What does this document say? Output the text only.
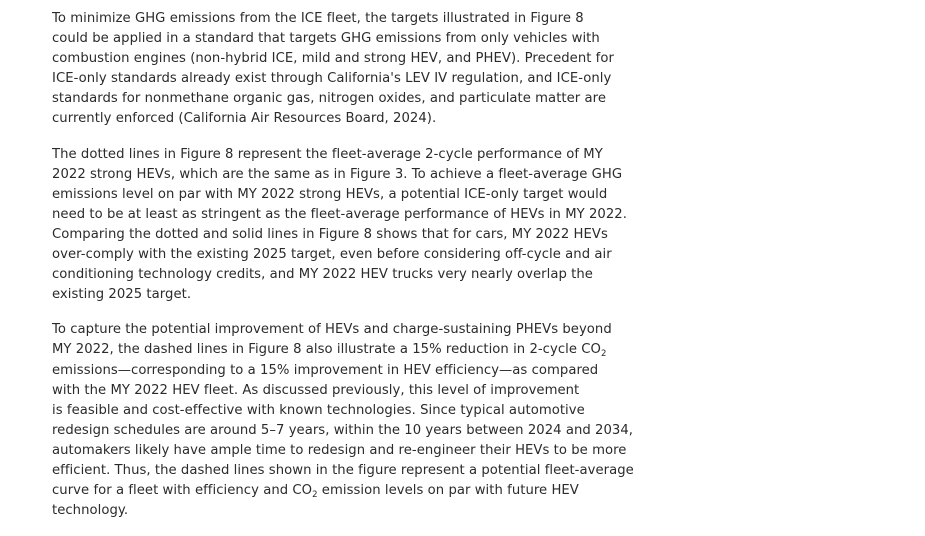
To minimize GHG emissions from the ICE fleet, the targets illustrated in Figure 8
could be applied in a standard that targets GHG emissions from only vehicles with
combustion engines (non-hybrid ICE, mild and strong HEV, and PHEV). Precedent for
ICE-only standards already exist through California's LEV IV regulation, and ICE-only
standards for nonmethane organic gas, nitrogen oxides, and particulate matter are
currently enforced (California Air Resources Board, 2024).

The dotted lines in Figure 8 represent the fleet-average 2-cycle performance of MY
2022 strong HEVs, which are the same as in Figure 3. To achieve a fleet-average GHG
emissions level on par with MY 2022 strong HEVs, a potential ICE-only target would
need to be at least as stringent as the fleet-average performance of HEVs in MY 2022.
Comparing the dotted and solid lines in Figure 8 shows that for cars, MY 2022 HEVs
over-comply with the existing 2025 target, even before considering off-cycle and air
conditioning technology credits, and MY 2022 HEV trucks very nearly overlap the
existing 2025 target.

To capture the potential improvement of HEVs and charge-sustaining PHEVs beyond
MY 2022, the dashed lines in Figure 8 also illustrate a 15% reduction in 2-cycle $CO_2$
emissions—corresponding to a 15% improvement in HEV efficiency—as compared
with the MY 2022 HEV fleet. As discussed previously, this level of improvement
is feasible and cost-effective with known technologies. Since typical automotive
redesign schedules are around 5–7 years, within the 10 years between 2024 and 2034,
automakers likely have ample time to redesign and re-engineer their HEVs to be more
efficient. Thus, the dashed lines shown in the figure represent a potential fleet-average
curve for a fleet with efficiency and $CO_2$ emission levels on par with future HEV
technology.
